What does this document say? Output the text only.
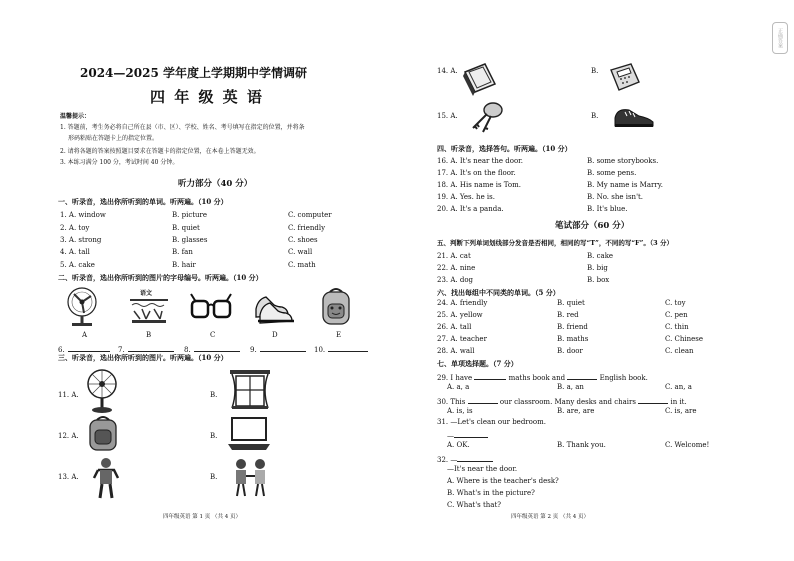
2024—2025 学年度上学期期中学情调研
四 年 级 英 语
温馨提示：
1. 答题前，考生务必将自己所在县（市、区）、学校、姓名、考号填写在指定的位置，并将条
形码粘贴在答题卡上的指定位置。
2. 请将各题的答案按照题目要求在答题卡的指定位置，在本卷上答题无效。
3. 本练习满分 100 分，考试时间 40 分钟。
听力部分（40 分）
一、听录音，选出你所听到的单词。听两遍。（10 分）
1. A. window	B. picture	C. computer
2. A. toy	B. quiet	C. friendly
3. A. strong	B. glasses	C. shoes
4. A. tall	B. fan	C. wall
5. A. cake	B. hair	C. math
二、听录音，选出你所听到的图片的字母编号。听两遍。（10 分）
语文
A	B	C	D	E
6.	7.	8.	9.	10.
三、听录音，选出你所听到的图片。听两遍。（10 分）
11. A.	B.
12. A.	B.
13. A.	B.
四年级英语 第 1 页 （共 4 页）
正确答案
14. A.	B.
15. A.	B.
四、听录音，选择答句。听两遍。（10 分）
16. A. It's near the door.	B. some storybooks.
17. A. It's on the floor.	B. some pens.
18. A. His name is Tom.	B. My name is Marry.
19. A. Yes. he is.	B. No. she isn't.
20. A. It's a panda.	B. It's blue.
笔试部分（60 分）
五、判断下列单词划线部分发音是否相同，相同的写“T”，不同的写“F”。（3 分）
21. A. cat	B. cake
22. A. nine	B. big
23. A. dog	B. box
六、找出每组中不同类的单词。（5 分）
24. A. friendly	B. quiet	C. toy
25. A. yellow	B. red	C. pen
26. A. tall	B. friend	C. thin
27. A. teacher	B. maths	C. Chinese
28. A. wall	B. door	C. clean
七、单项选择题。（7 分）
29. I have	maths book and	English book.
A. a, a	B. a, an	C. an, a
30. This	our classroom. Many desks and chairs	in it.
A. is, is	B. are, are	C. is, are
31. —Let's clean our bedroom.
—
A. OK.	B. Thank you.	C. Welcome!
32. —
—It's near the door.
A. Where is the teacher's desk?
B. What's in the picture?
C. What's that?
四年级英语 第 2 页 （共 4 页）
